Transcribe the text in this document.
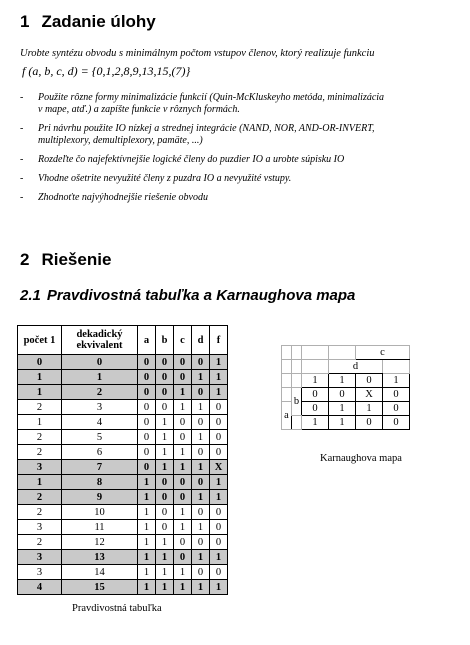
1 Zadanie úlohy
Urobte syntézu obvodu s minimálnym počtom vstupov členov, ktorý realizuje funkciu
f (a, b, c, d) = {0,1,2,8,9,13,15,(7)}
- Použite rôzne formy minimalizácie funkcií (Quin-McKluskeyho metóda, minimalizácia
v mape, atď.) a zapíšte funkcie v rôznych formách.
- Pri návrhu použite IO nízkej a strednej integrácie (NAND, NOR, AND-OR-INVERT,
multiplexory, demultiplexory, pamäte, ...)
- Rozdeľte čo najefektívnejšie logické členy do puzdier IO a urobte súpisku IO
- Vhodne ošetrite nevyužité členy z puzdra IO a nevyužité vstupy.
- Zhodnoťte najvýhodnejšie riešenie obvodu
2 Riešenie
2.1 Pravdivostná tabuľka a Karnaughova mapa
počet 1	dekadický ekvivalent	a	b	c	d	f
0	0	0	0	0	0	1
1	1	0	0	0	1	1
1	2	0	0	1	0	1
2	3	0	0	1	1	0
1	4	0	1	0	0	0
2	5	0	1	0	1	0
2	6	0	1	1	0	0
3	7	0	1	1	1	X
1	8	1	0	0	0	1
2	9	1	0	0	1	1
2	10	1	0	1	0	0
3	11	1	0	1	1	0
2	12	1	1	0	0	0
3	13	1	1	0	1	1
3	14	1	1	1	0	0
4	15	1	1	1	1	1
Pravdivostná tabuľka
				c	
			d		
		1	1	0	1
	b	0	0	X	0
a		0	1	1	0
		1	1	0	0
Karnaughova mapa
